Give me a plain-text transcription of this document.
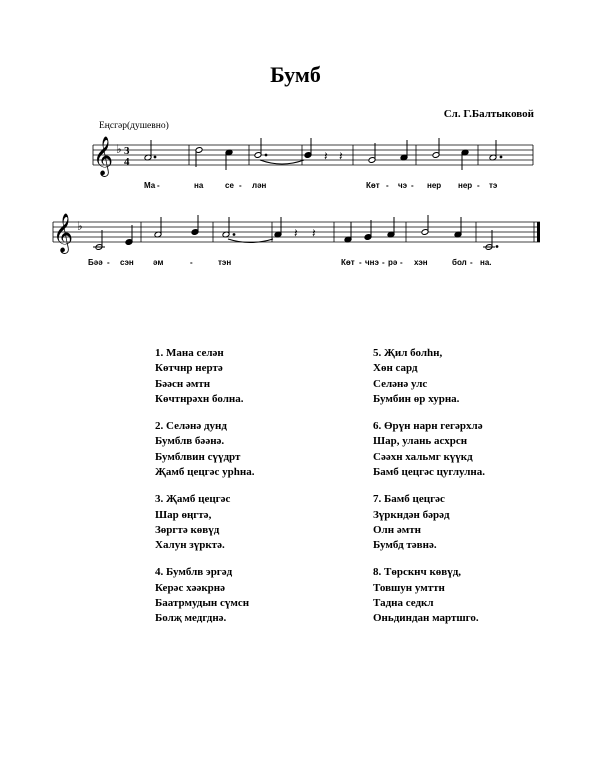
Бумб
Сл. Г.Балтыковой
Еңсгәр(душевно)
𝄞 ♭ 3
4	𝄽 𝄽
Ма -	на	се - лән	Көт - чэ - нер нер - тэ
𝄞 ♭	𝄽 𝄽
Бәә - сэн әм	-	тэн	Көт - чнэ - рә - хэн	бол - на.
1. Мана селән
Көтчнр нертә
Бәәсн әмтн
Көчтнрәхн болна.
2. Селәнә дунд
Бумблв бәәнә.
Бумблвин сүүдрт
Җамб цецгәс урһна.
3. Җамб цецгәс
Шар өңгтә,
Зөргтә көвүд
Халун зүрктә.
4. Бумблв эргәд
Керәс хәәкрнә
Баатрмудын сүмсн
Болҗ медгднә.
5. Җил болһн,
Хөн сард
Селәнә улс
Бумбин өр хурна.
6. Өрүн нарн гегәрхлә
Шар, улань асхрсн
Сәәхн хальмг күүкд
Бамб цецгәс цуглулна.
7. Бамб цецгәс
Зүркндән бәрәд
Олн әмтн
Бумбд тәвнә.
8. Төрскнч көвүд,
Товшун умттн
Тадна седкл
Оньдиндан мартшго.
